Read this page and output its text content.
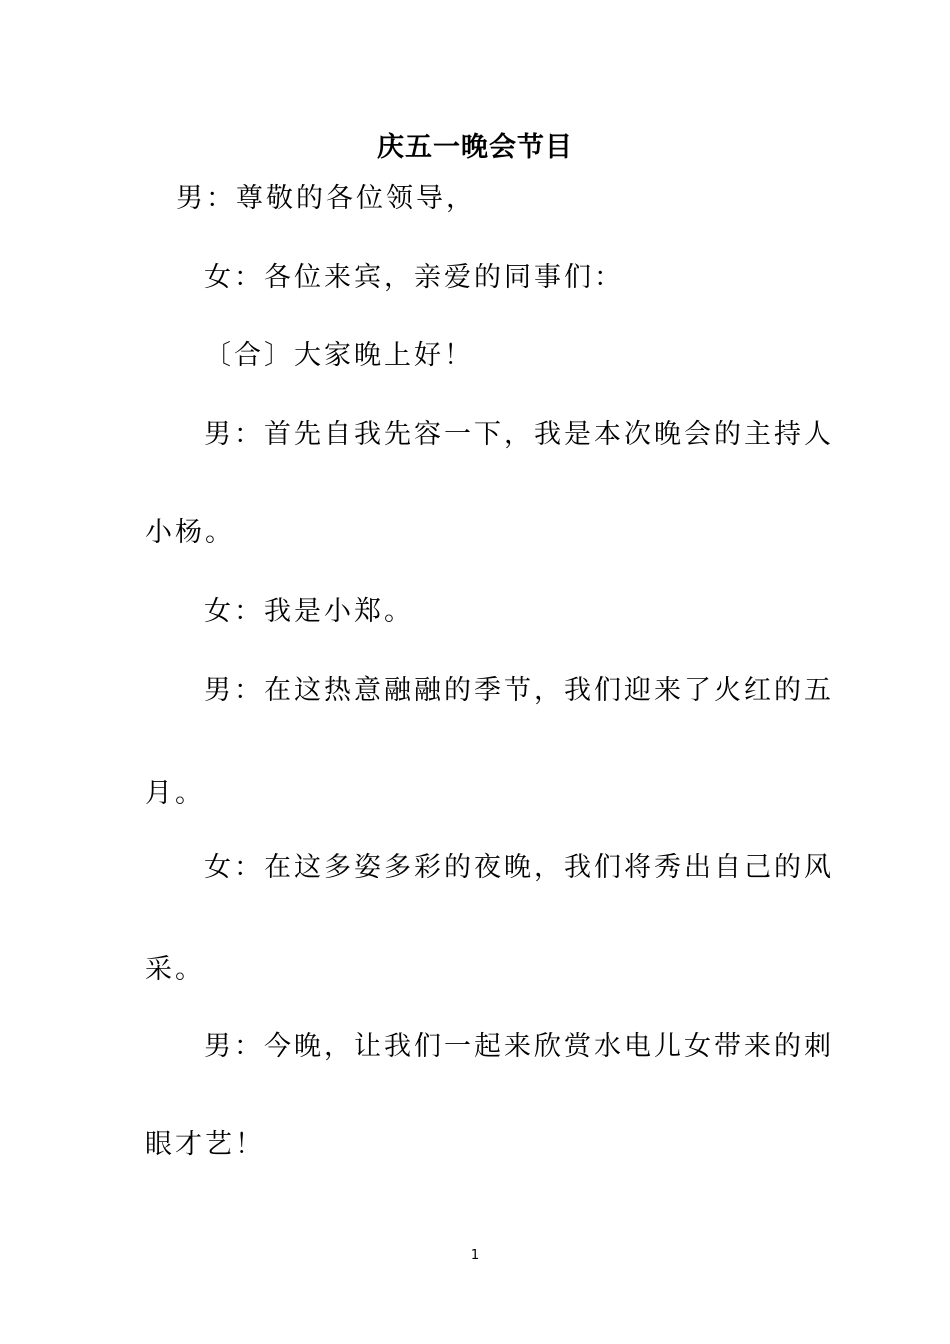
庆五一晚会节目
男：尊敬的各位领导，
女：各位来宾，亲爱的同事们：
〔合〕大家晚上好！
男：首先自我先容一下，我是本次晚会的主持人
小杨。
女：我是小郑。
男：在这热意融融的季节，我们迎来了火红的五
月。
女：在这多姿多彩的夜晚，我们将秀出自己的风
采。
男：今晚，让我们一起来欣赏水电儿女带来的刺
眼才艺！
1
